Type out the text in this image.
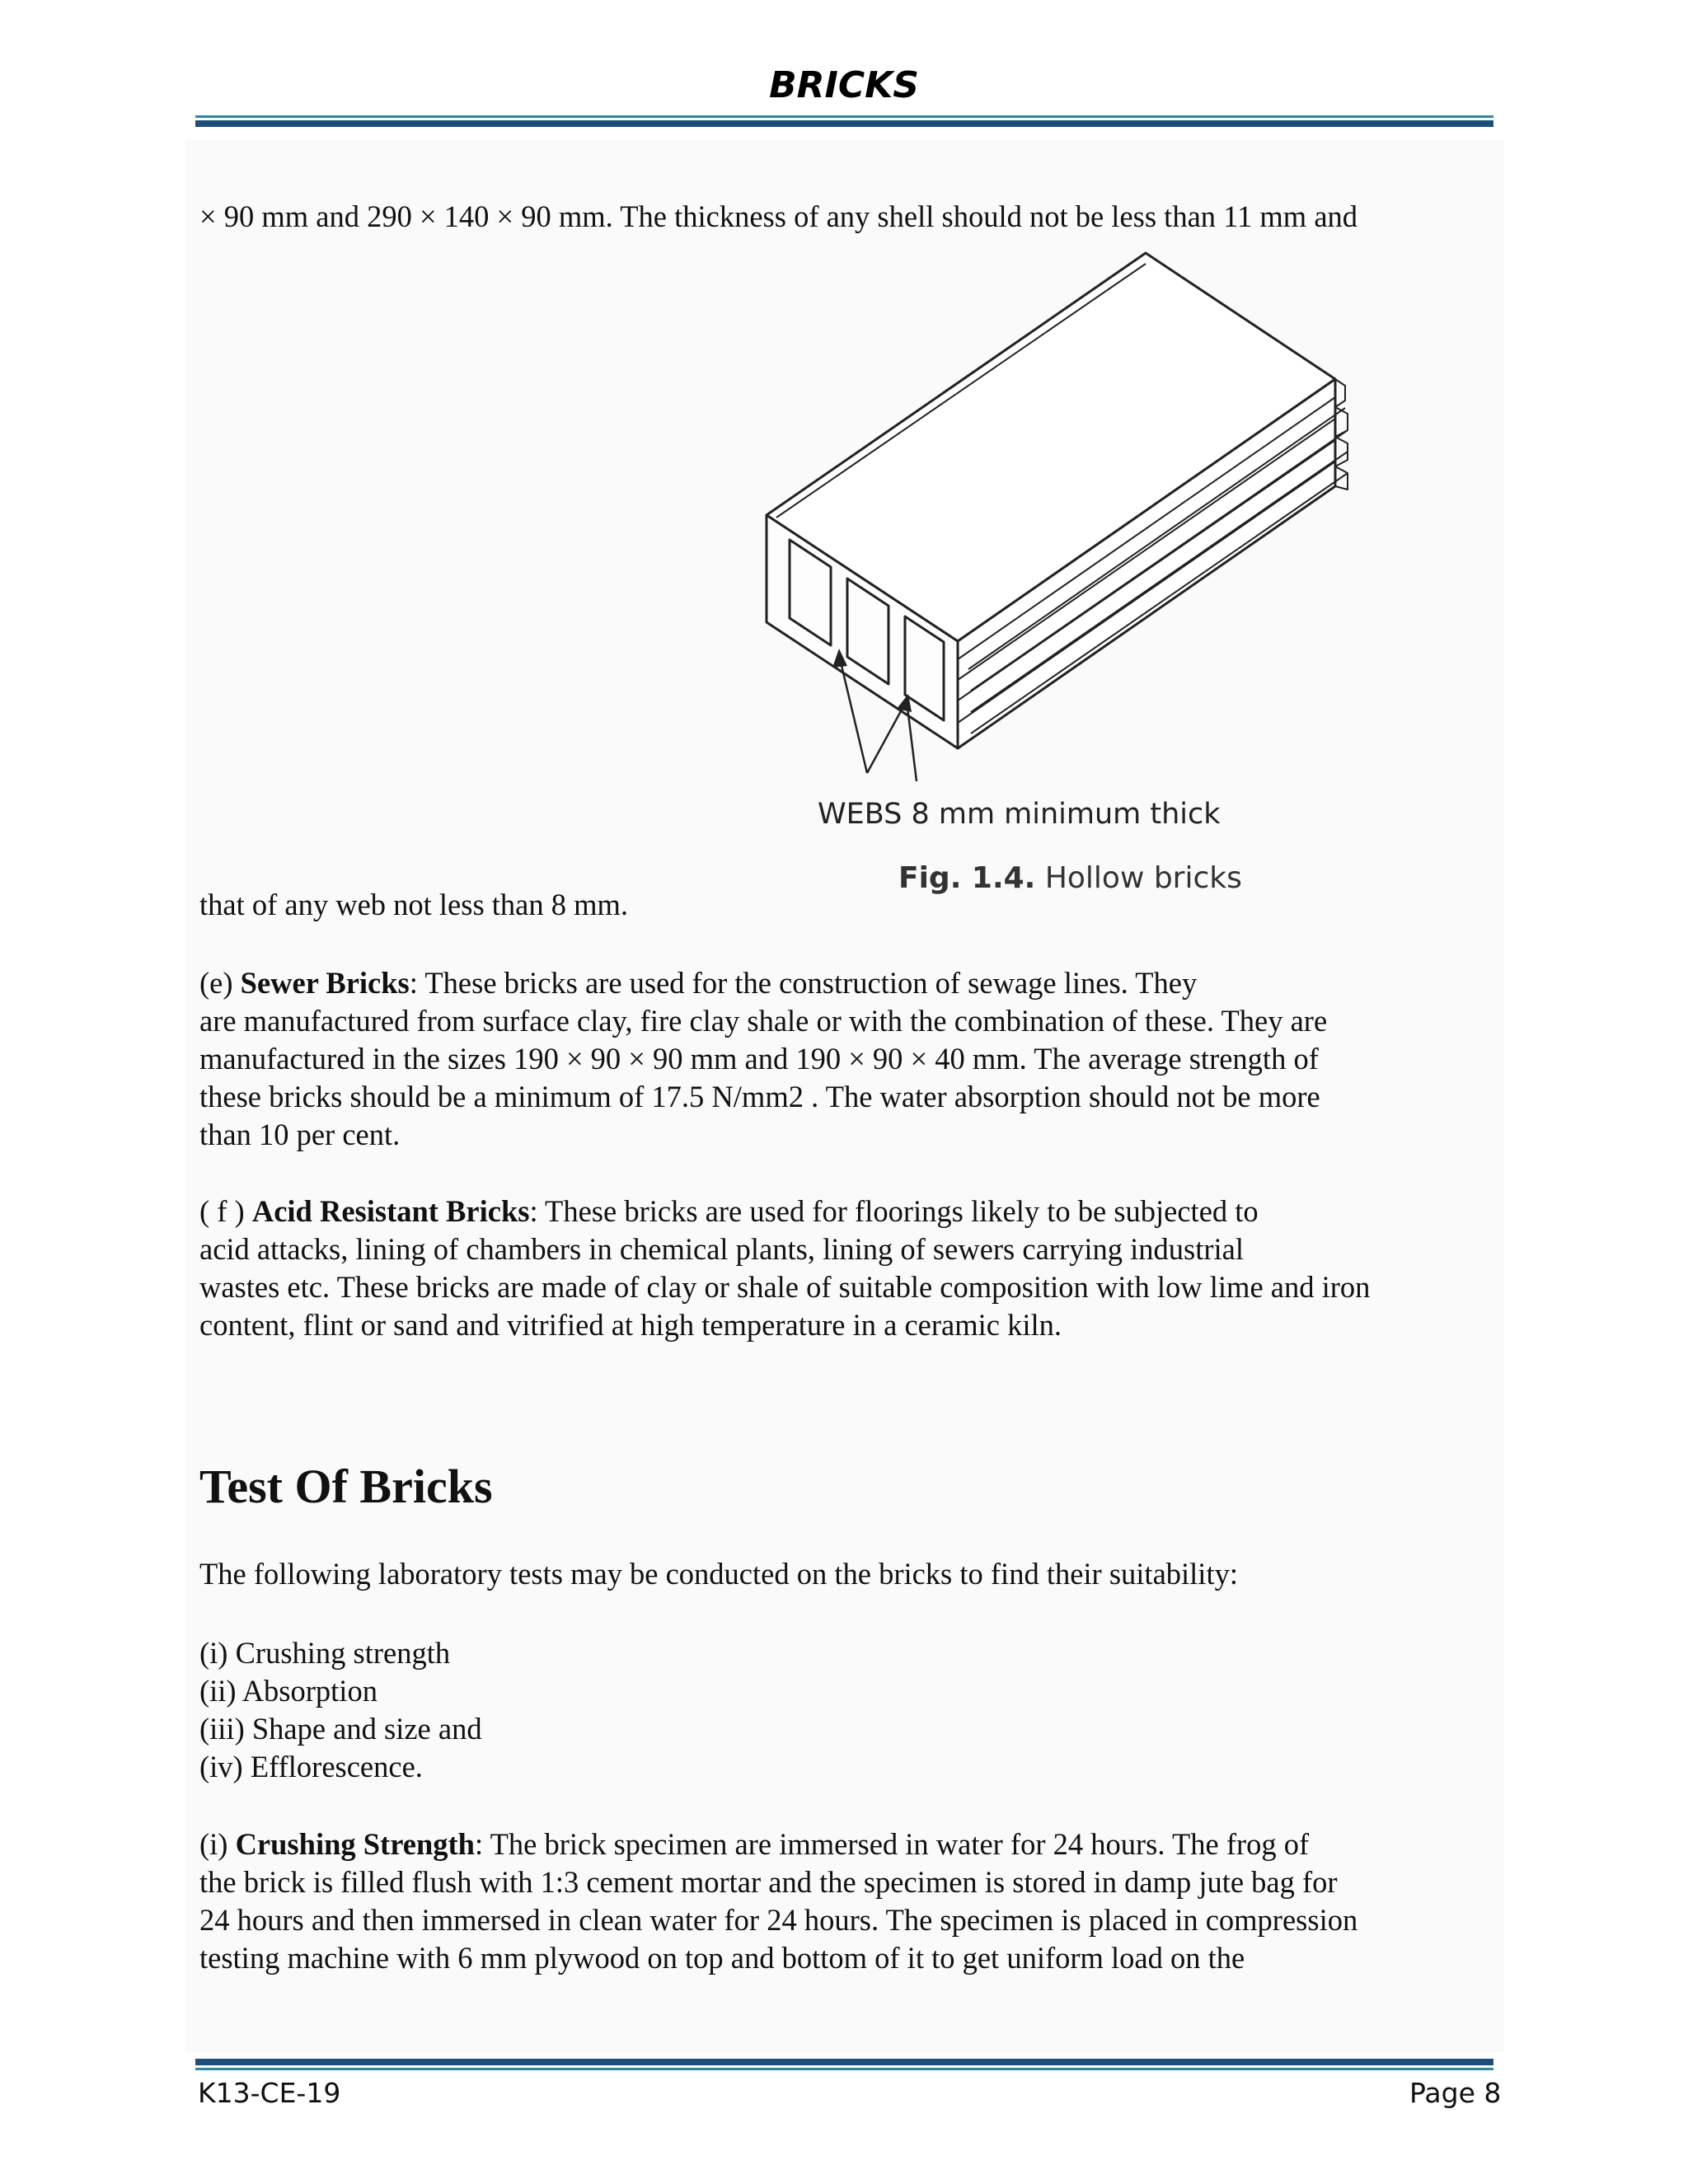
BRICKS

× 90 mm and 290 × 140 × 90 mm. The thickness of any shell should not be less than 11 mm and

WEBS 8 mm minimum thick
Fig. 1.4. Hollow bricks

that of any web not less than 8 mm.

(e) Sewer Bricks: These bricks are used for the construction of sewage lines. They

are manufactured from surface clay, fire clay shale or with the combination of these. They are

manufactured in the sizes 190 × 90 × 90 mm and 190 × 90 × 40 mm. The average strength of

these bricks should be a minimum of 17.5 N/mm2 . The water absorption should not be more

than 10 per cent.

( f ) Acid Resistant Bricks: These bricks are used for floorings likely to be subjected to

acid attacks, lining of chambers in chemical plants, lining of sewers carrying industrial

wastes etc. These bricks are made of clay or shale of suitable composition with low lime and iron

content, flint or sand and vitrified at high temperature in a ceramic kiln.

Test Of Bricks

The following laboratory tests may be conducted on the bricks to find their suitability:

(i) Crushing strength
(ii) Absorption
(iii) Shape and size and
(iv) Efflorescence.

(i) Crushing Strength: The brick specimen are immersed in water for 24 hours. The frog of

the brick is filled flush with 1:3 cement mortar and the specimen is stored in damp jute bag for

24 hours and then immersed in clean water for 24 hours. The specimen is placed in compression

testing machine with 6 mm plywood on top and bottom of it to get uniform load on the

K13-CE-19	Page 8
